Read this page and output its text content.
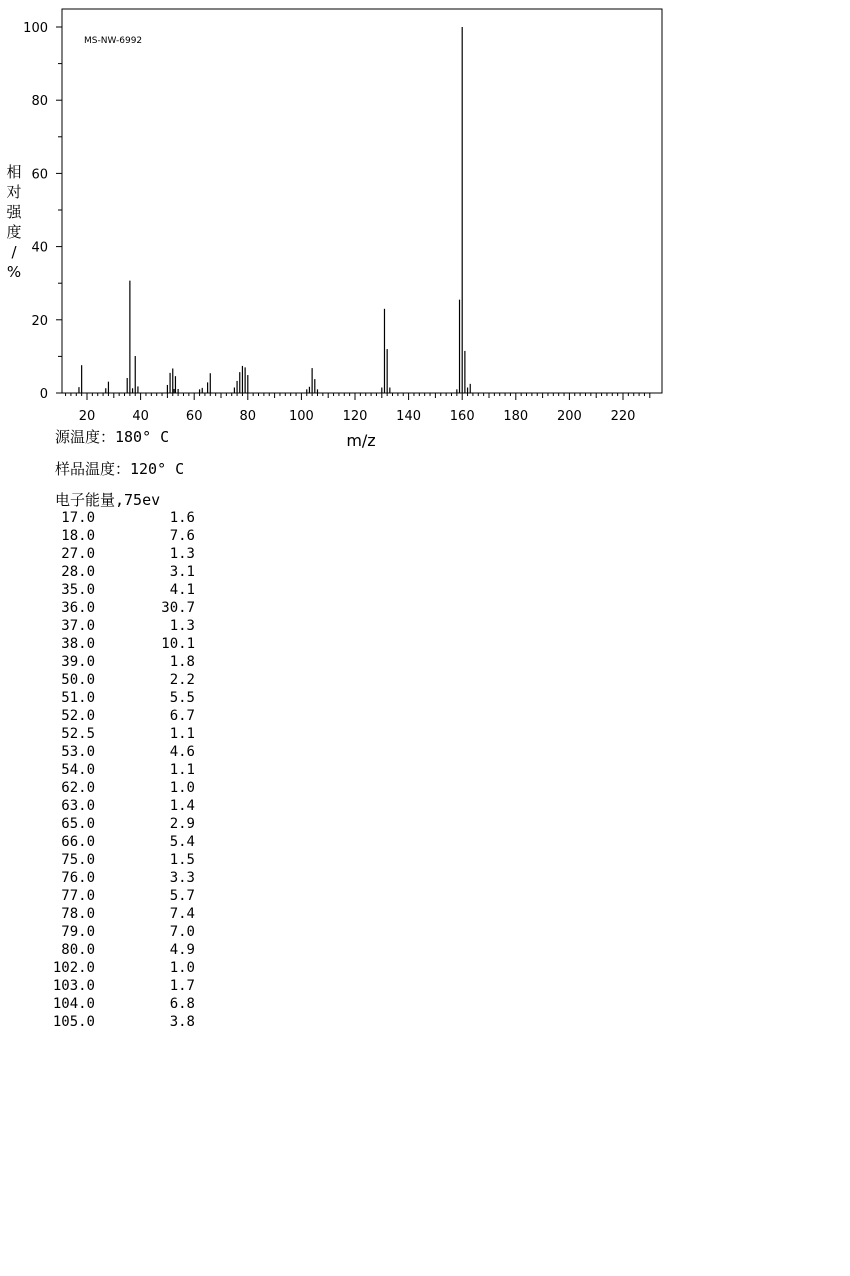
MS-NW-6992
0
20
40
60
80
100
20	40	60	80	100 120 140 160 180 200 220
相
对
强
度
/
%
m/z
源温度：180° C
样品温度：120° C
电子能量,75ev
17.0	1.6
18.0	7.6
27.0	1.3
28.0	3.1
35.0	4.1
36.0	30.7
37.0	1.3
38.0	10.1
39.0	1.8
50.0	2.2
51.0	5.5
52.0	6.7
52.5	1.1
53.0	4.6
54.0	1.1
62.0	1.0
63.0	1.4
65.0	2.9
66.0	5.4
75.0	1.5
76.0	3.3
77.0	5.7
78.0	7.4
79.0	7.0
80.0	4.9
102.0	1.0
103.0	1.7
104.0	6.8
105.0	3.8
